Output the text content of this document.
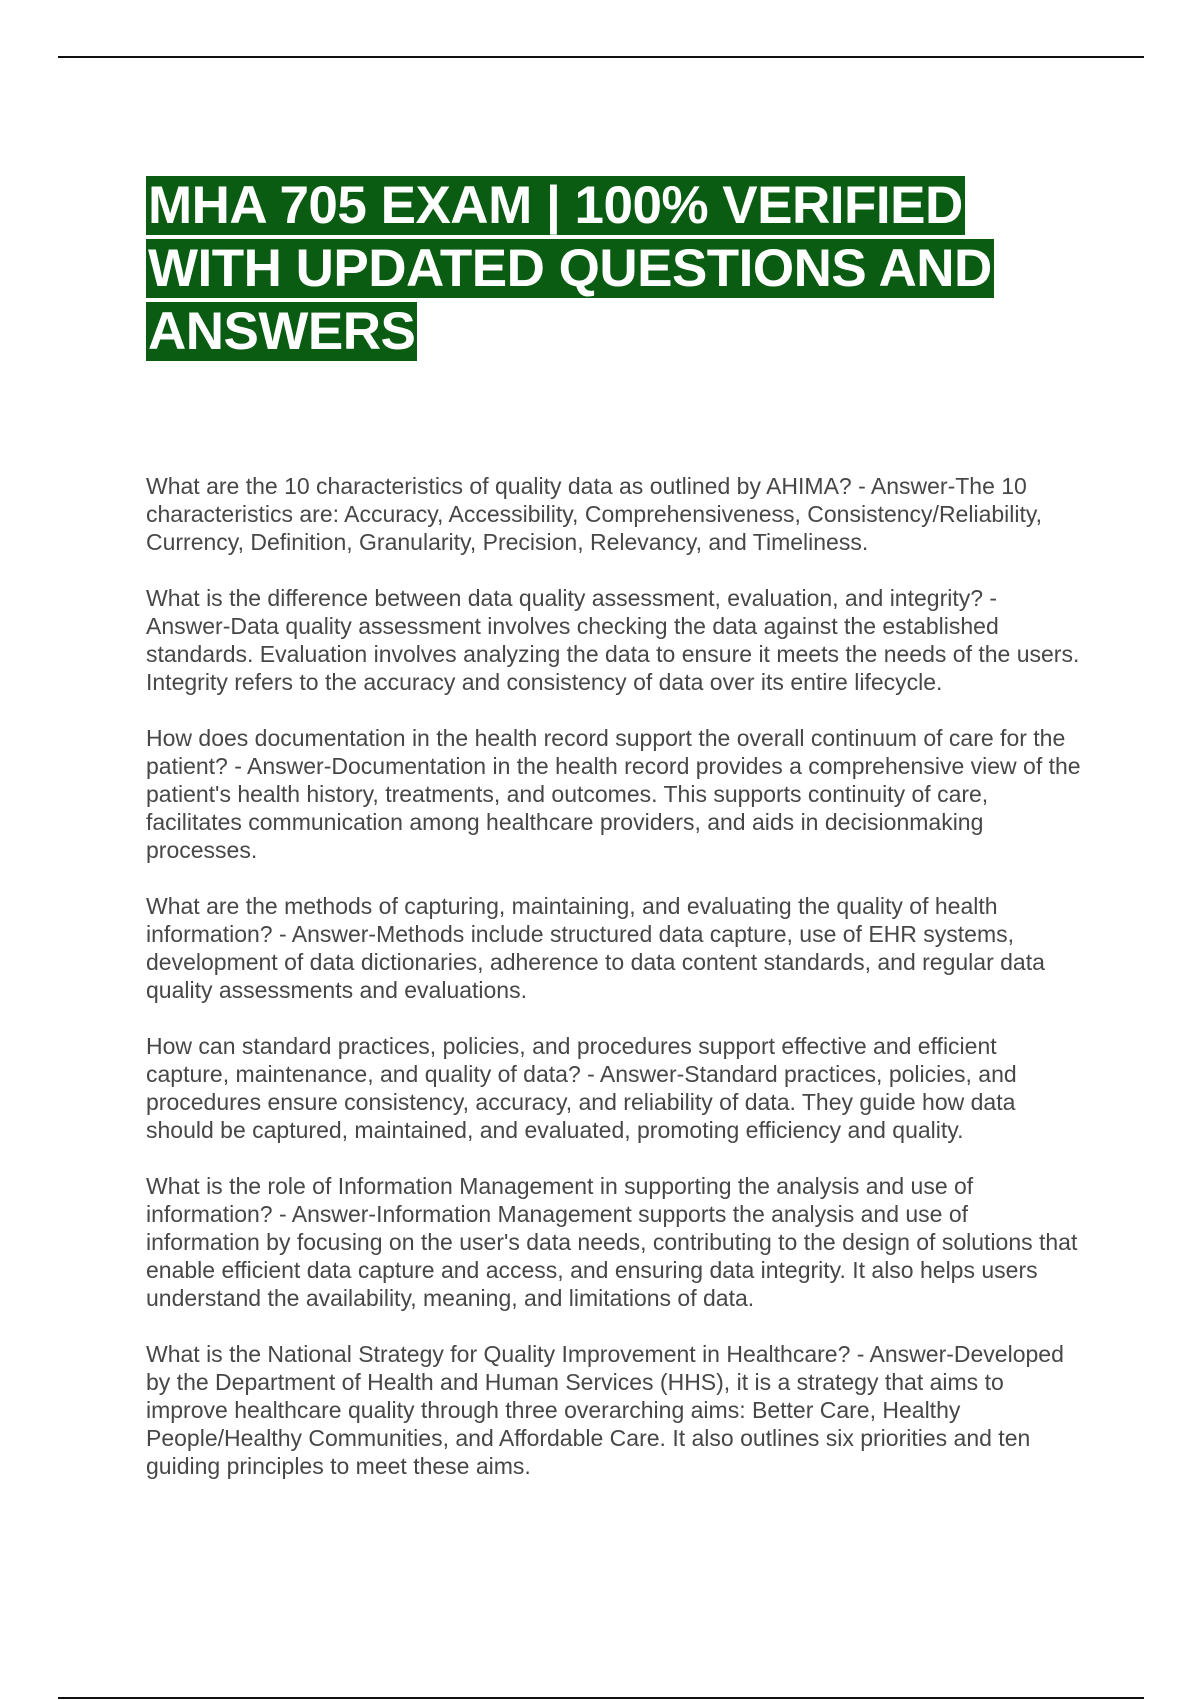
MHA 705 EXAM | 100% VERIFIED WITH UPDATED QUESTIONS AND ANSWERS

What are the 10 characteristics of quality data as outlined by AHIMA? - Answer-The 10 characteristics are: Accuracy, Accessibility, Comprehensiveness, Consistency/Reliability, Currency, Definition, Granularity, Precision, Relevancy, and Timeliness.

What is the difference between data quality assessment, evaluation, and integrity? - Answer-Data quality assessment involves checking the data against the established standards. Evaluation involves analyzing the data to ensure it meets the needs of the users. Integrity refers to the accuracy and consistency of data over its entire lifecycle.

How does documentation in the health record support the overall continuum of care for the patient? - Answer-Documentation in the health record provides a comprehensive view of the patient's health history, treatments, and outcomes. This supports continuity of care, facilitates communication among healthcare providers, and aids in decisionmaking processes.

What are the methods of capturing, maintaining, and evaluating the quality of health information? - Answer-Methods include structured data capture, use of EHR systems, development of data dictionaries, adherence to data content standards, and regular data quality assessments and evaluations.

How can standard practices, policies, and procedures support effective and efficient capture, maintenance, and quality of data? - Answer-Standard practices, policies, and procedures ensure consistency, accuracy, and reliability of data. They guide how data should be captured, maintained, and evaluated, promoting efficiency and quality.

What is the role of Information Management in supporting the analysis and use of information? - Answer-Information Management supports the analysis and use of information by focusing on the user's data needs, contributing to the design of solutions that enable efficient data capture and access, and ensuring data integrity. It also helps users understand the availability, meaning, and limitations of data.

What is the National Strategy for Quality Improvement in Healthcare? - Answer-Developed by the Department of Health and Human Services (HHS), it is a strategy that aims to improve healthcare quality through three overarching aims: Better Care, Healthy People/Healthy Communities, and Affordable Care. It also outlines six priorities and ten guiding principles to meet these aims.
